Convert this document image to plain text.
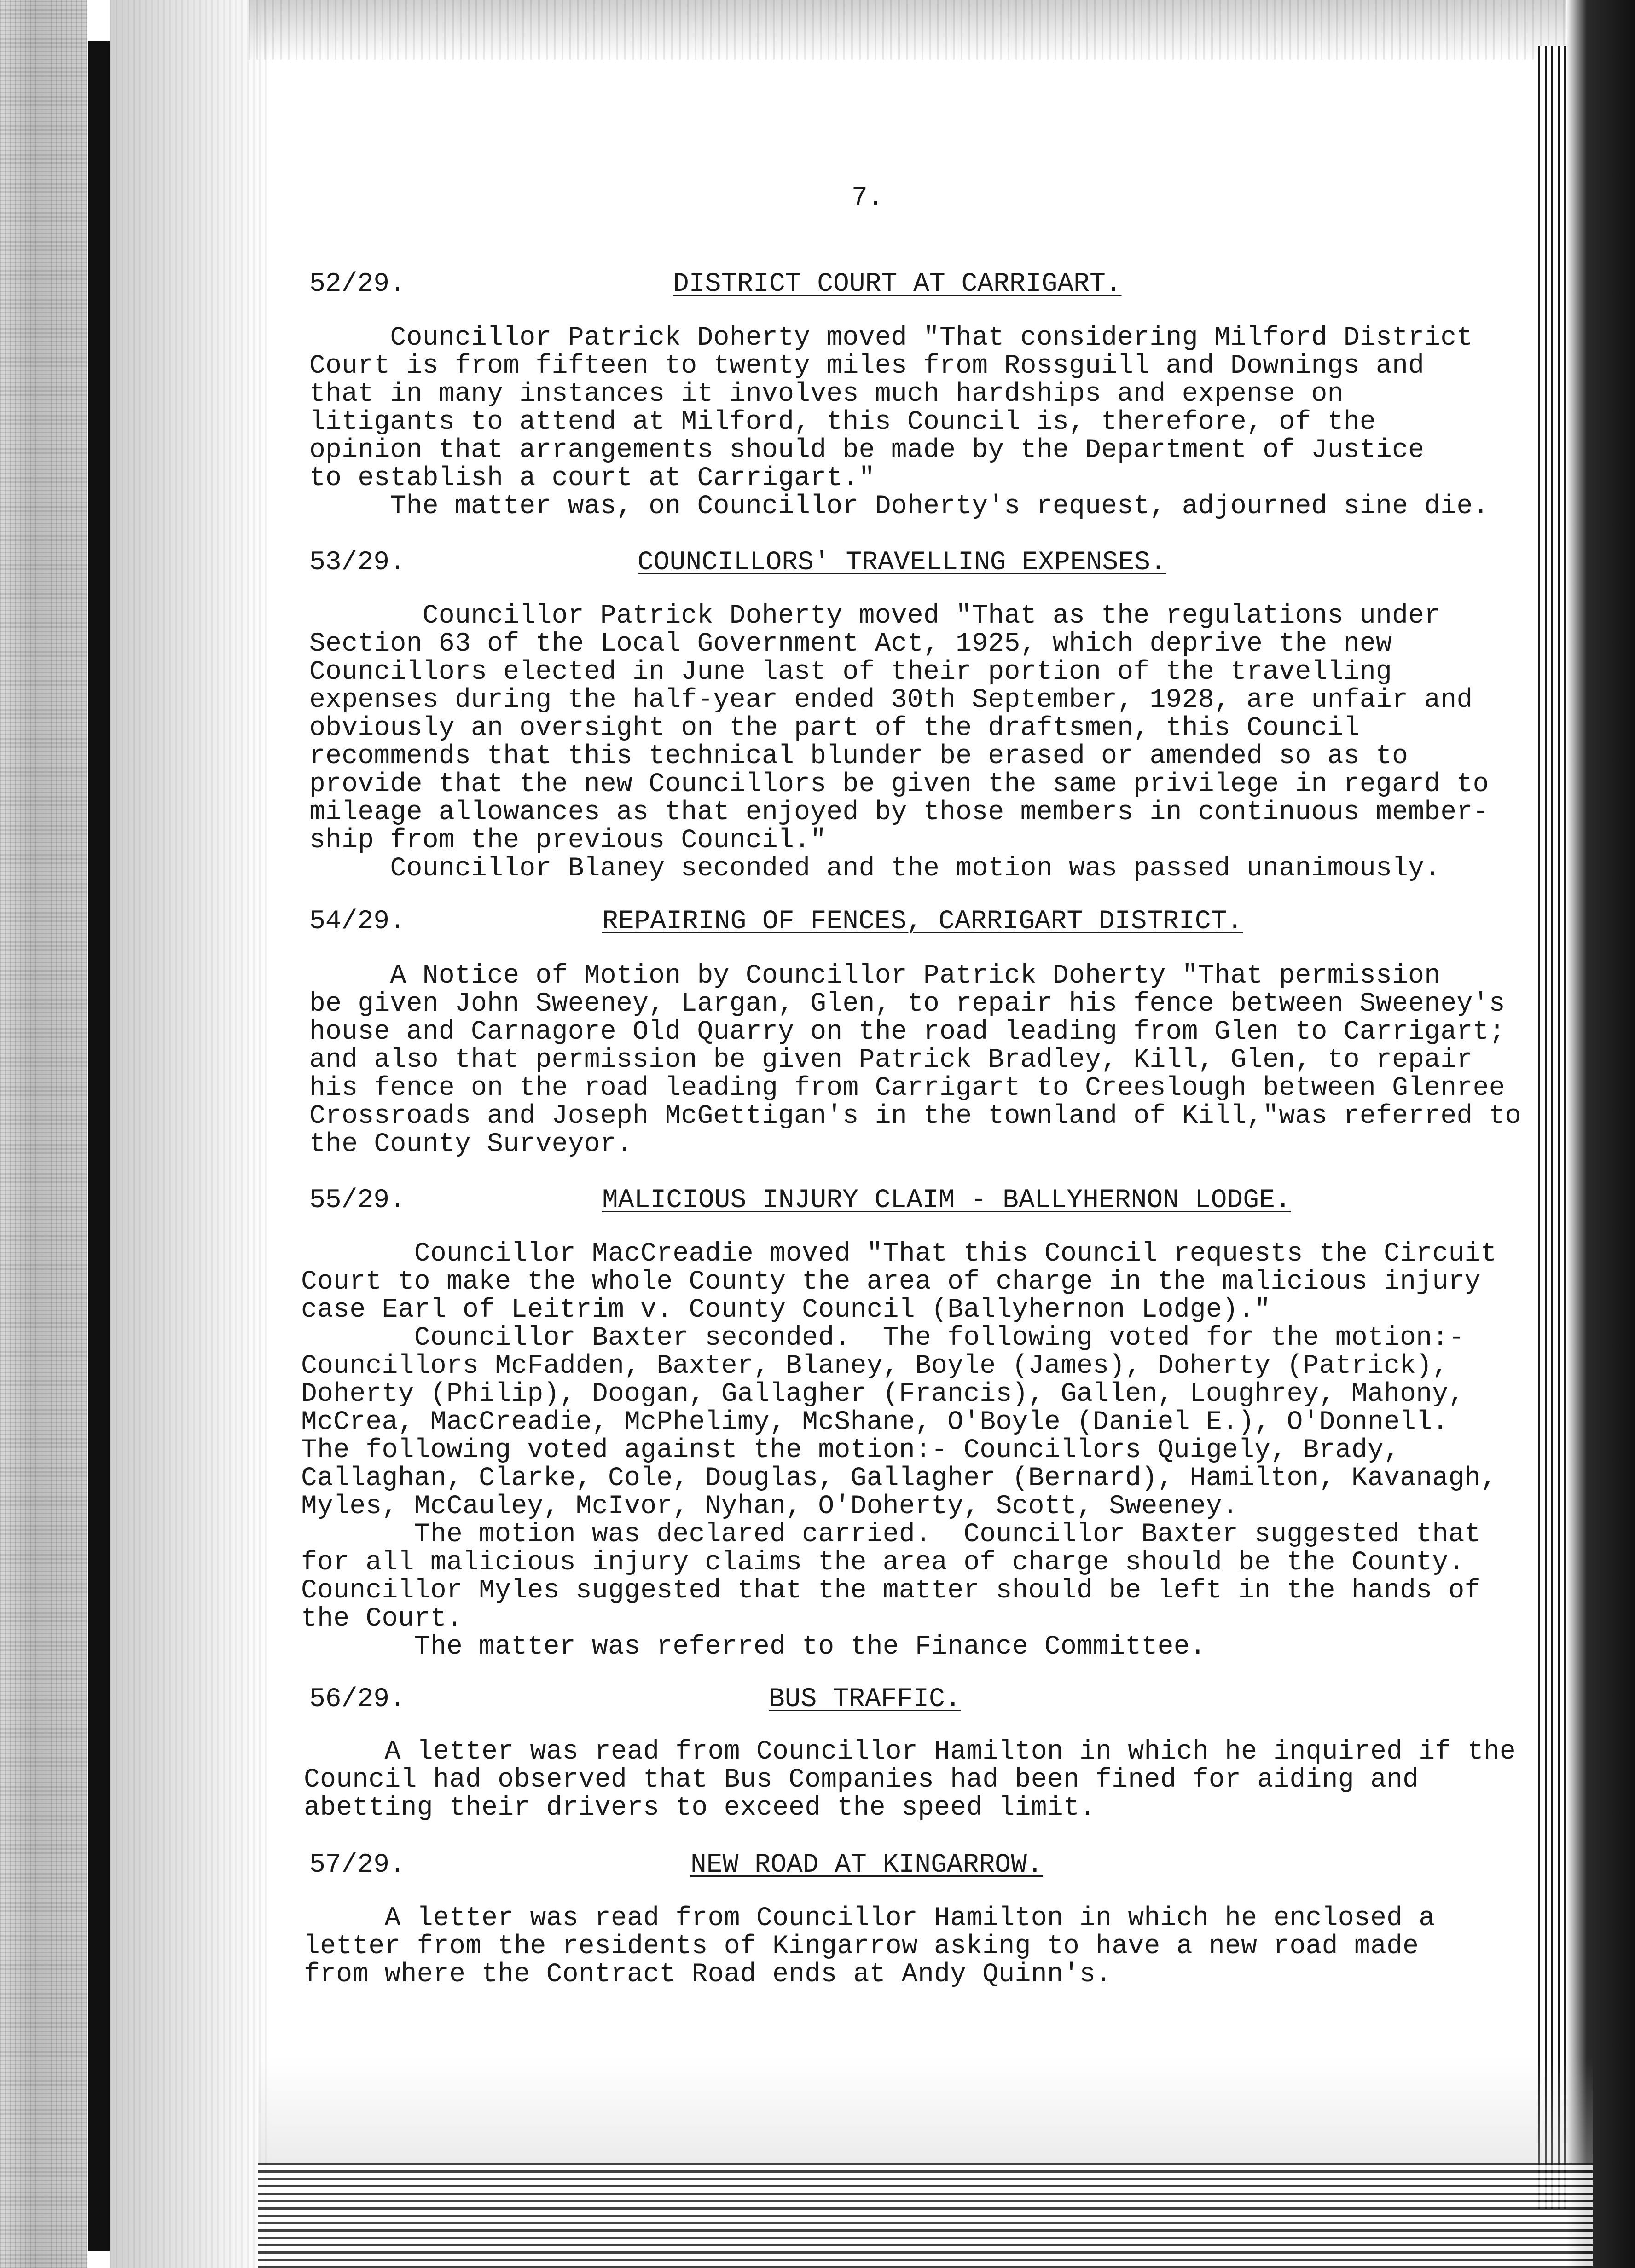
7.
52/29.	DISTRICT COURT AT CARRIGART.
Councillor Patrick Doherty moved "That considering Milford District
Court is from fifteen to twenty miles from Rossguill and Downings and
that in many instances it involves much hardships and expense on
litigants to attend at Milford, this Council is, therefore, of the
opinion that arrangements should be made by the Department of Justice
to establish a court at Carrigart."
The matter was, on Councillor Doherty's request, adjourned sine die.
53/29.	COUNCILLORS' TRAVELLING EXPENSES.
Councillor Patrick Doherty moved "That as the regulations under
Section 63 of the Local Government Act, 1925, which deprive the new
Councillors elected in June last of their portion of the travelling
expenses during the half-year ended 30th September, 1928, are unfair and
obviously an oversight on the part of the draftsmen, this Council
recommends that this technical blunder be erased or amended so as to
provide that the new Councillors be given the same privilege in regard to
mileage allowances as that enjoyed by those members in continuous member-
ship from the previous Council."
Councillor Blaney seconded and the motion was passed unanimously.
54/29.	REPAIRING OF FENCES, CARRIGART DISTRICT.
A Notice of Motion by Councillor Patrick Doherty "That permission
be given John Sweeney, Largan, Glen, to repair his fence between Sweeney's
house and Carnagore Old Quarry on the road leading from Glen to Carrigart;
and also that permission be given Patrick Bradley, Kill, Glen, to repair
his fence on the road leading from Carrigart to Creeslough between Glenree
Crossroads and Joseph McGettigan's in the townland of Kill,"was referred to
the County Surveyor.
55/29.	MALICIOUS INJURY CLAIM - BALLYHERNON LODGE.
Councillor MacCreadie moved "That this Council requests the Circuit
Court to make the whole County the area of charge in the malicious injury
case Earl of Leitrim v. County Council (Ballyhernon Lodge)."
Councillor Baxter seconded.  The following voted for the motion:-
Councillors McFadden, Baxter, Blaney, Boyle (James), Doherty (Patrick),
Doherty (Philip), Doogan, Gallagher (Francis), Gallen, Loughrey, Mahony,
McCrea, MacCreadie, McPhelimy, McShane, O'Boyle (Daniel E.), O'Donnell.
The following voted against the motion:- Councillors Quigely, Brady,
Callaghan, Clarke, Cole, Douglas, Gallagher (Bernard), Hamilton, Kavanagh,
Myles, McCauley, McIvor, Nyhan, O'Doherty, Scott, Sweeney.
The motion was declared carried.  Councillor Baxter suggested that
for all malicious injury claims the area of charge should be the County.
Councillor Myles suggested that the matter should be left in the hands of
the Court.
The matter was referred to the Finance Committee.
56/29.	BUS TRAFFIC.
A letter was read from Councillor Hamilton in which he inquired if the
Council had observed that Bus Companies had been fined for aiding and
abetting their drivers to exceed the speed limit.
57/29.	NEW ROAD AT KINGARROW.
A letter was read from Councillor Hamilton in which he enclosed a
letter from the residents of Kingarrow asking to have a new road made
from where the Contract Road ends at Andy Quinn's.
